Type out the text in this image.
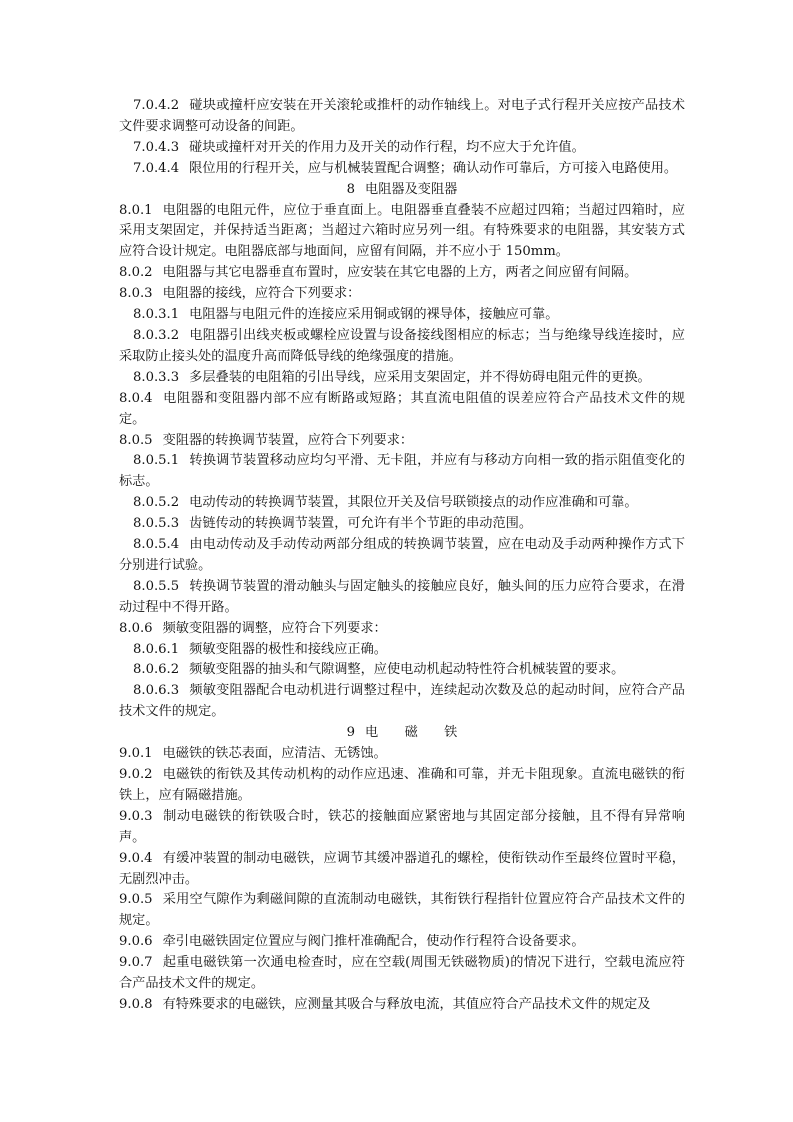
7.0.4.2 碰块或撞杆应安装在开关滚轮或推杆的动作轴线上。对电子式行程开关应按产品技术文件要求调整可动设备的间距。

7.0.4.3 碰块或撞杆对开关的作用力及开关的动作行程，均不应大于允许值。

7.0.4.4 限位用的行程开关，应与机械装置配合调整；确认动作可靠后，方可接入电路使用。

8 电阻器及变阻器

8.0.1 电阻器的电阻元件，应位于垂直面上。电阻器垂直叠装不应超过四箱；当超过四箱时，应采用支架固定，并保持适当距离；当超过六箱时应另列一组。有特殊要求的电阻器，其安装方式应符合设计规定。电阻器底部与地面间，应留有间隔，并不应小于 150mm。

8.0.2 电阻器与其它电器垂直布置时，应安装在其它电器的上方，两者之间应留有间隔。

8.0.3 电阻器的接线，应符合下列要求：

8.0.3.1 电阻器与电阻元件的连接应采用铜或钢的裸导体，接触应可靠。

8.0.3.2 电阻器引出线夹板或螺栓应设置与设备接线图相应的标志；当与绝缘导线连接时，应采取防止接头处的温度升高而降低导线的绝缘强度的措施。

8.0.3.3 多层叠装的电阻箱的引出导线，应采用支架固定，并不得妨碍电阻元件的更换。

8.0.4 电阻器和变阻器内部不应有断路或短路；其直流电阻值的误差应符合产品技术文件的规定。

8.0.5 变阻器的转换调节装置，应符合下列要求：

8.0.5.1 转换调节装置移动应均匀平滑、无卡阻，并应有与移动方向相一致的指示阻值变化的标志。

8.0.5.2 电动传动的转换调节装置，其限位开关及信号联锁接点的动作应准确和可靠。

8.0.5.3 齿链传动的转换调节装置，可允许有半个节距的串动范围。

8.0.5.4 由电动传动及手动传动两部分组成的转换调节装置，应在电动及手动两种操作方式下分别进行试验。

8.0.5.5 转换调节装置的滑动触头与固定触头的接触应良好，触头间的压力应符合要求，在滑动过程中不得开路。

8.0.6 频敏变阻器的调整，应符合下列要求：

8.0.6.1 频敏变阻器的极性和接线应正确。

8.0.6.2 频敏变阻器的抽头和气隙调整，应使电动机起动特性符合机械装置的要求。

8.0.6.3 频敏变阻器配合电动机进行调整过程中，连续起动次数及总的起动时间，应符合产品技术文件的规定。

9 电　　磁　　铁

9.0.1 电磁铁的铁芯表面，应清洁、无锈蚀。

9.0.2 电磁铁的衔铁及其传动机构的动作应迅速、准确和可靠，并无卡阻现象。直流电磁铁的衔铁上，应有隔磁措施。

9.0.3 制动电磁铁的衔铁吸合时，铁芯的接触面应紧密地与其固定部分接触，且不得有异常响声。

9.0.4 有缓冲装置的制动电磁铁，应调节其缓冲器道孔的螺栓，使衔铁动作至最终位置时平稳，无剧烈冲击。

9.0.5 采用空气隙作为剩磁间隙的直流制动电磁铁，其衔铁行程指针位置应符合产品技术文件的规定。

9.0.6 牵引电磁铁固定位置应与阀门推杆准确配合，使动作行程符合设备要求。

9.0.7 起重电磁铁第一次通电检查时，应在空载(周围无铁磁物质)的情况下进行，空载电流应符合产品技术文件的规定。

9.0.8 有特殊要求的电磁铁，应测量其吸合与释放电流，其值应符合产品技术文件的规定及
